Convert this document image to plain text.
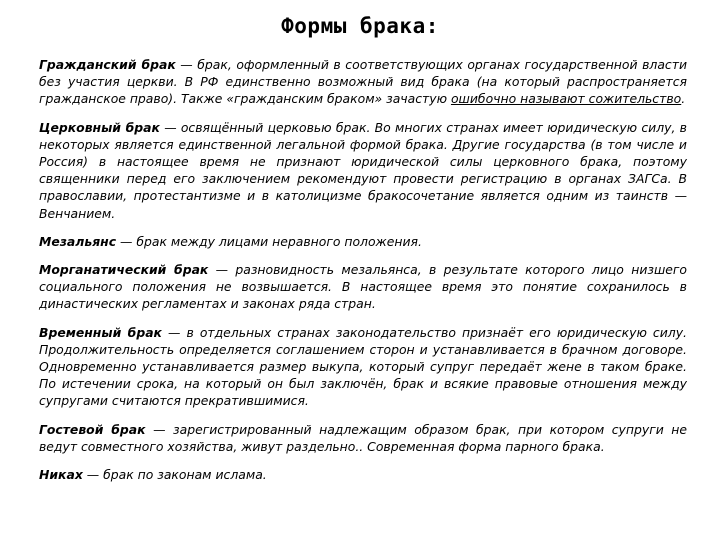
Формы брака:

Гражданский брак — брак, оформленный в соответствующих органах государственной власти без участия церкви. В РФ единственно возможный вид брака (на который распространяется гражданское право). Также «гражданским браком» зачастую ошибочно называют сожительство.

Церковный брак — освящённый церковью брак. Во многих странах имеет юридическую силу, в некоторых является единственной легальной формой брака. Другие государства (в том числе и Россия) в настоящее время не признают юридической силы церковного брака, поэтому священники перед его заключением рекомендуют провести регистрацию в органах ЗАГСа. В православии, протестантизме и в католицизме бракосочетание является одним из таинств — Венчанием.

Мезальянс — брак между лицами неравного положения.

Морганатический брак — разновидность мезальянса, в результате которого лицо низшего социального положения не возвышается. В настоящее время это понятие сохранилось в династических регламентах и законах ряда стран.

Временный брак — в отдельных странах законодательство признаёт его юридическую силу. Продолжительность определяется соглашением сторон и устанавливается в брачном договоре. Одновременно устанавливается размер выкупа, который супруг передаёт жене в таком браке. По истечении срока, на который он был заключён, брак и всякие правовые отношения между супругами считаются прекратившимися.

Гостевой брак — зарегистрированный надлежащим образом брак, при котором супруги не ведут совместного хозяйства, живут раздельно.. Современная форма парного брака.

Никах — брак по законам ислама.
